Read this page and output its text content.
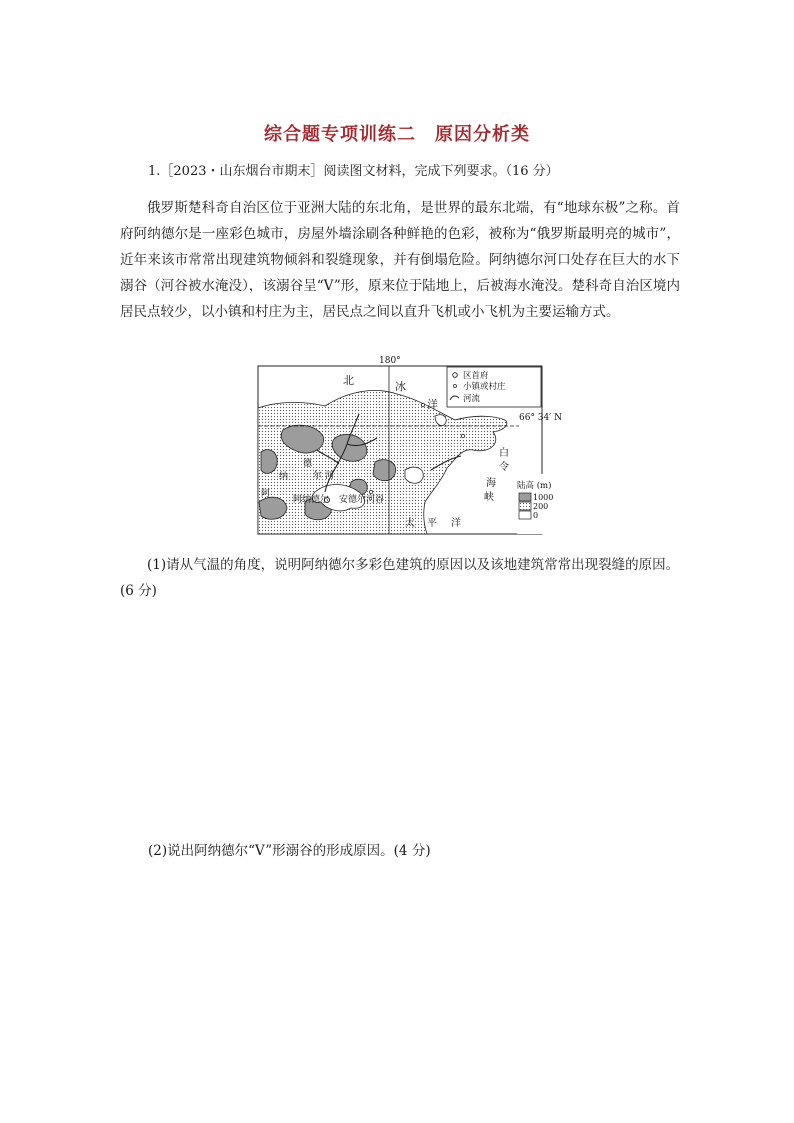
综合题专项训练二　原因分析类
1.［2023・山东烟台市期末］阅读图文材料，完成下列要求。（16 分）

俄罗斯楚科奇自治区位于亚洲大陆的东北角，是世界的最东北端，有“地球东极”之称。首府阿纳德尔是一座彩色城市，房屋外墙涂刷各种鲜艳的色彩，被称为“俄罗斯最明亮的城市”，近年来该市常常出现建筑物倾斜和裂缝现象，并有倒塌危险。阿纳德尔河口处存在巨大的水下溺谷（河谷被水淹没），该溺谷呈“V”形，原来位于陆地上，后被海水淹没。楚科奇自治区境内居民点较少，以小镇和村庄为主，居民点之间以直升飞机或小飞机为主要运输方式。

180°
66° 34′ N
北	冰
洋
太 平 洋
白
令
海
峡
阿
纳
德
尔 河
阿纳德尔 安德尔河谷
区首府
小镇或村庄
河流
陆高 (m)
1000
200
0

(1)请从气温的角度，说明阿纳德尔多彩色建筑的原因以及该地建筑常常出现裂缝的原因。(6 分)

(2)说出阿纳德尔“V”形溺谷的形成原因。(4 分)
